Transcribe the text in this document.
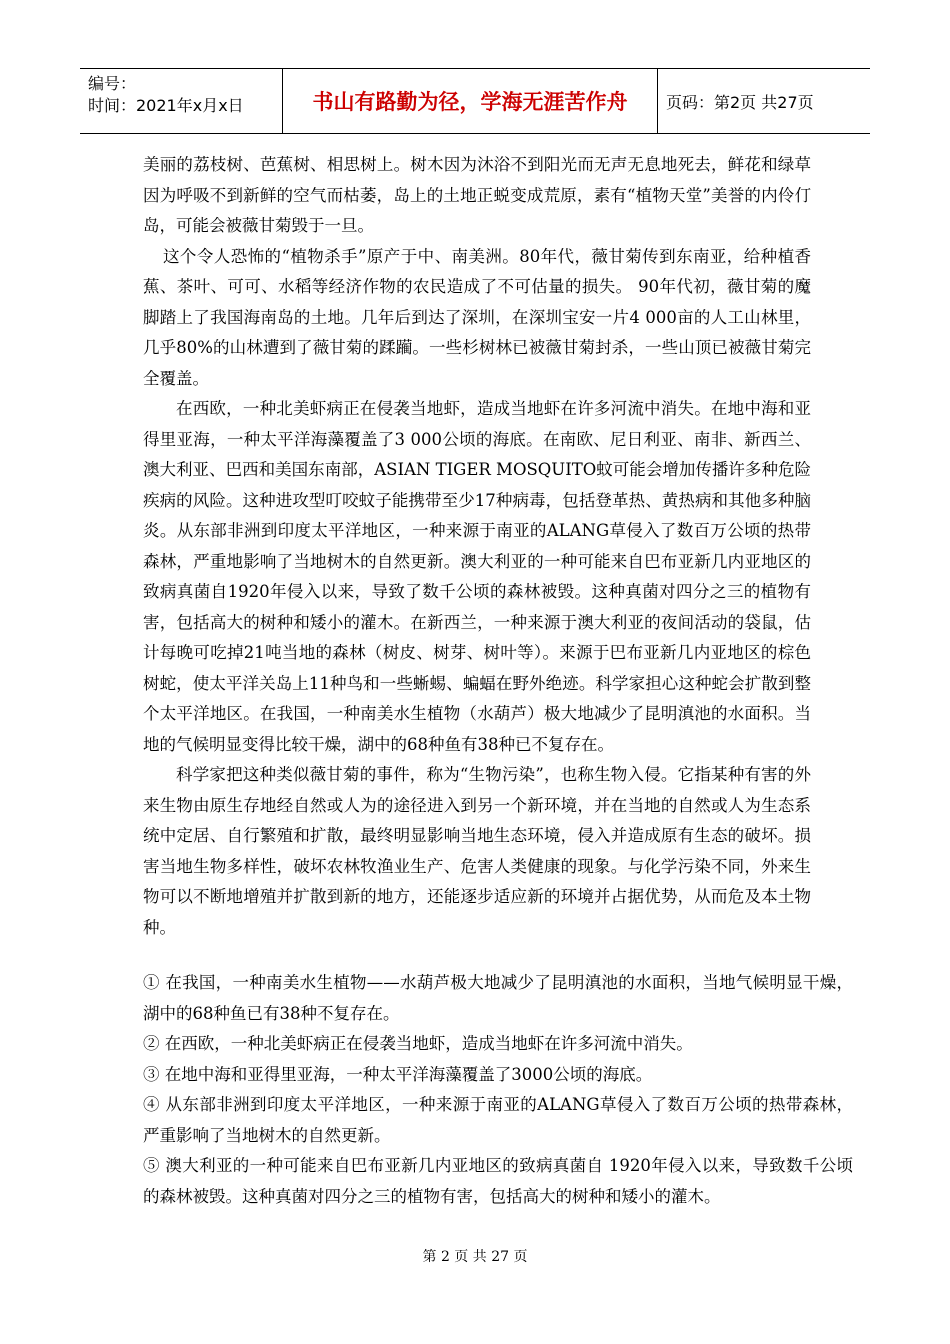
编号：
时间：2021年x月x日	书山有路勤为径，学海无涯苦作舟	页码：第2页 共27页

美丽的荔枝树、芭蕉树、相思树上。树木因为沐浴不到阳光而无声无息地死去，鲜花和绿草因为呼吸不到新鲜的空气而枯萎，岛上的土地正蜕变成荒原，素有“植物天堂”美誉的内伶仃岛，可能会被薇甘菊毁于一旦。

这个令人恐怖的“植物杀手”原产于中、南美洲。80年代，薇甘菊传到东南亚，给种植香蕉、茶叶、可可、水稻等经济作物的农民造成了不可估量的损失。 90年代初，薇甘菊的魔脚踏上了我国海南岛的土地。几年后到达了深圳，在深圳宝安一片4 000亩的人工山林里，几乎80%的山林遭到了薇甘菊的蹂躏。一些杉树林已被薇甘菊封杀，一些山顶已被薇甘菊完全覆盖。

在西欧，一种北美虾病正在侵袭当地虾，造成当地虾在许多河流中消失。在地中海和亚得里亚海，一种太平洋海藻覆盖了3 000公顷的海底。在南欧、尼日利亚、南非、新西兰、澳大利亚、巴西和美国东南部，ASIAN TIGER MOSQUITO蚊可能会增加传播许多种危险疾病的风险。这种进攻型叮咬蚊子能携带至少17种病毒，包括登革热、黄热病和其他多种脑炎。从东部非洲到印度太平洋地区，一种来源于南亚的ALANG草侵入了数百万公顷的热带森林，严重地影响了当地树木的自然更新。澳大利亚的一种可能来自巴布亚新几内亚地区的致病真菌自1920年侵入以来，导致了数千公顷的森林被毁。这种真菌对四分之三的植物有害，包括高大的树种和矮小的灌木。在新西兰，一种来源于澳大利亚的夜间活动的袋鼠，估计每晚可吃掉21吨当地的森林（树皮、树芽、树叶等）。来源于巴布亚新几内亚地区的棕色树蛇，使太平洋关岛上11种鸟和一些蜥蜴、蝙蝠在野外绝迹。科学家担心这种蛇会扩散到整个太平洋地区。在我国，一种南美水生植物（水葫芦）极大地减少了昆明滇池的水面积。当地的气候明显变得比较干燥，湖中的68种鱼有38种已不复存在。

科学家把这种类似薇甘菊的事件，称为“生物污染”，也称生物入侵。它指某种有害的外来生物由原生存地经自然或人为的途径进入到另一个新环境，并在当地的自然或人为生态系统中定居、自行繁殖和扩散，最终明显影响当地生态环境，侵入并造成原有生态的破坏。损害当地生物多样性，破坏农林牧渔业生产、危害人类健康的现象。与化学污染不同，外来生物可以不断地增殖并扩散到新的地方，还能逐步适应新的环境并占据优势，从而危及本土物种。

① 在我国，一种南美水生植物——水葫芦极大地减少了昆明滇池的水面积，当地气候明显干燥，湖中的68种鱼已有38种不复存在。

② 在西欧，一种北美虾病正在侵袭当地虾，造成当地虾在许多河流中消失。

③ 在地中海和亚得里亚海，一种太平洋海藻覆盖了3000公顷的海底。

④ 从东部非洲到印度太平洋地区，一种来源于南亚的ALANG草侵入了数百万公顷的热带森林，严重影响了当地树木的自然更新。

⑤ 澳大利亚的一种可能来自巴布亚新几内亚地区的致病真菌自 1920年侵入以来，导致数千公顷的森林被毁。这种真菌对四分之三的植物有害，包括高大的树种和矮小的灌木。

第 2 页 共 27 页
